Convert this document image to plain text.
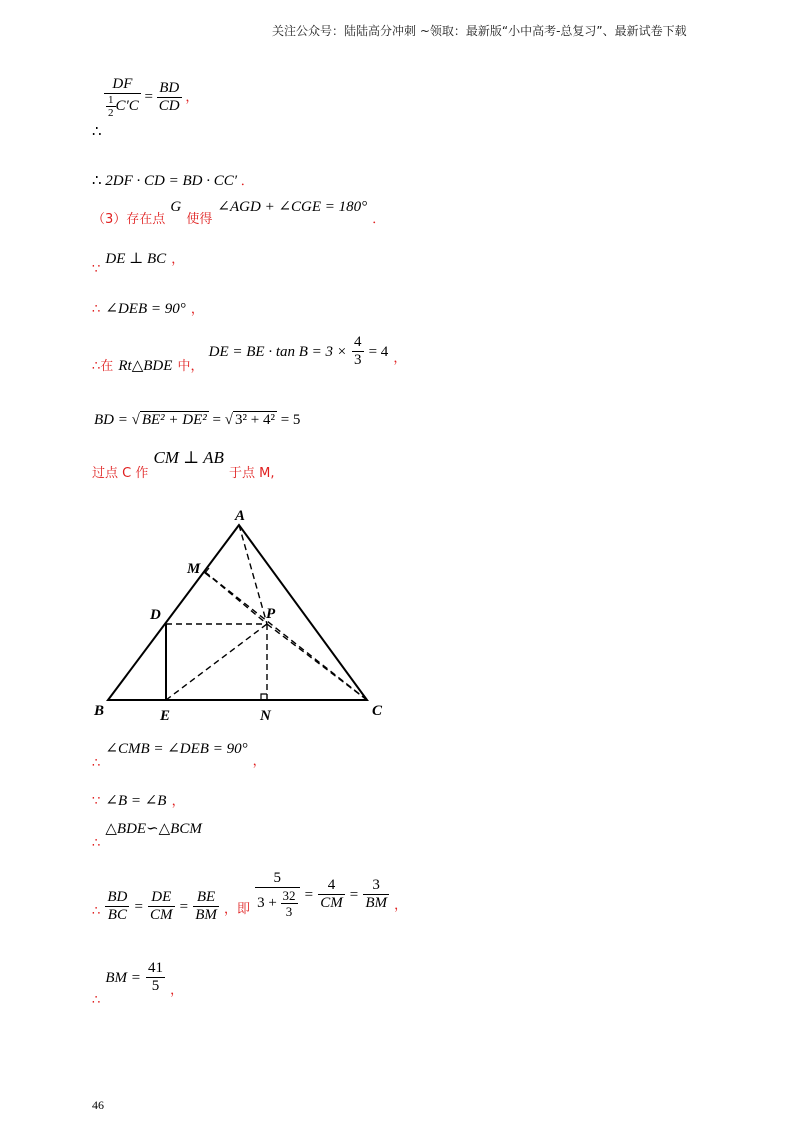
关注公众号：陆陆高分冲刺 ~领取：最新版“小中高考-总复习”、最新试卷下载
$\frac{DF}{\frac{1}{2} C'C} = \frac{BD}{CD}$ ，
∴
∴ 2DF · CD = BD · CC′ ．
$_{(3)存在点}$ G $_{使得}$ ∠AGD + ∠CGE = 180° $_.$
$_\because$ DE ⊥ BC ，
∴ ∠DEB = 90° ，
$_{\therefore 在}$ Rt△BDE $_{中,}$ DE = BE · $\tan B = 3 \times \frac{4}{3} = 4$ $_,$
BD = √ BE² + DE² = √ 3² + 4² = 5
$_{过点 C 作}$ CM ⊥ AB $_{于点 M,}$
A
B	C
D
E
M
N
P
$_\therefore$ ∠CMB = ∠DEB = 90° $_,$
∵ ∠B = ∠B ，
$_\therefore$ △BDE∽△BCM
$_\therefore \frac{BD}{BC} = \frac{DE}{CM} = \frac{BE}{BM} _{,即} \frac{5}{3 + \frac{32}{3}} = \frac{4}{CM} = \frac{3}{BM} _,$
$_\therefore$ BM = $\frac{41}{5} _,$
46
